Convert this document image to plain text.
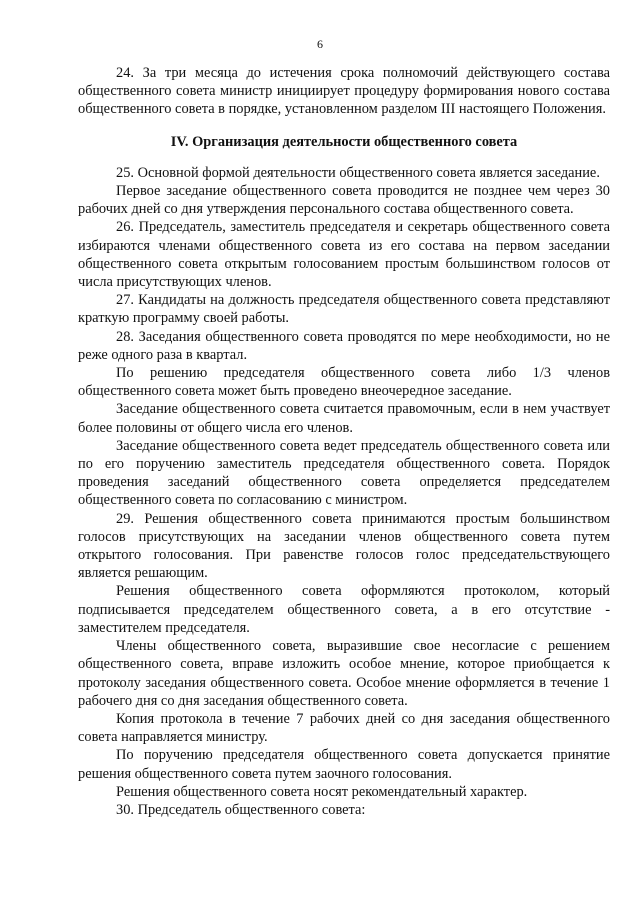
6

24. За три месяца до истечения срока полномочий действующего состава общественного совета министр инициирует процедуру формирования нового состава общественного совета в порядке, установленном разделом III настоящего Положения.

IV. Организация деятельности общественного совета

25. Основной формой деятельности общественного совета является заседание.

Первое заседание общественного совета проводится не позднее чем через 30 рабочих дней со дня утверждения персонального состава общественного совета.

26. Председатель, заместитель председателя и секретарь общественного совета избираются членами общественного совета из его состава на первом заседании общественного совета открытым голосованием простым большинством голосов от числа присутствующих членов.

27. Кандидаты на должность председателя общественного совета представляют краткую программу своей работы.

28. Заседания общественного совета проводятся по мере необходимости, но не реже одного раза в квартал.

По решению председателя общественного совета либо 1/3 членов общественного совета может быть проведено внеочередное заседание.

Заседание общественного совета считается правомочным, если в нем участвует более половины от общего числа его членов.

Заседание общественного совета ведет председатель общественного совета или по его поручению заместитель председателя общественного совета. Порядок проведения заседаний общественного совета определяется председателем общественного совета по согласованию с министром.

29. Решения общественного совета принимаются простым большинством голосов присутствующих на заседании членов общественного совета путем открытого голосования. При равенстве голосов голос председательствующего является решающим.

Решения общественного совета оформляются протоколом, который подписывается председателем общественного совета, а в его отсутствие - заместителем председателя.

Члены общественного совета, выразившие свое несогласие с решением общественного совета, вправе изложить особое мнение, которое приобщается к протоколу заседания общественного совета. Особое мнение оформляется в течение 1 рабочего дня со дня заседания общественного совета.

Копия протокола в течение 7 рабочих дней со дня заседания общественного совета направляется министру.

По поручению председателя общественного совета допускается принятие решения общественного совета путем заочного голосования.

Решения общественного совета носят рекомендательный характер.

30. Председатель общественного совета:
